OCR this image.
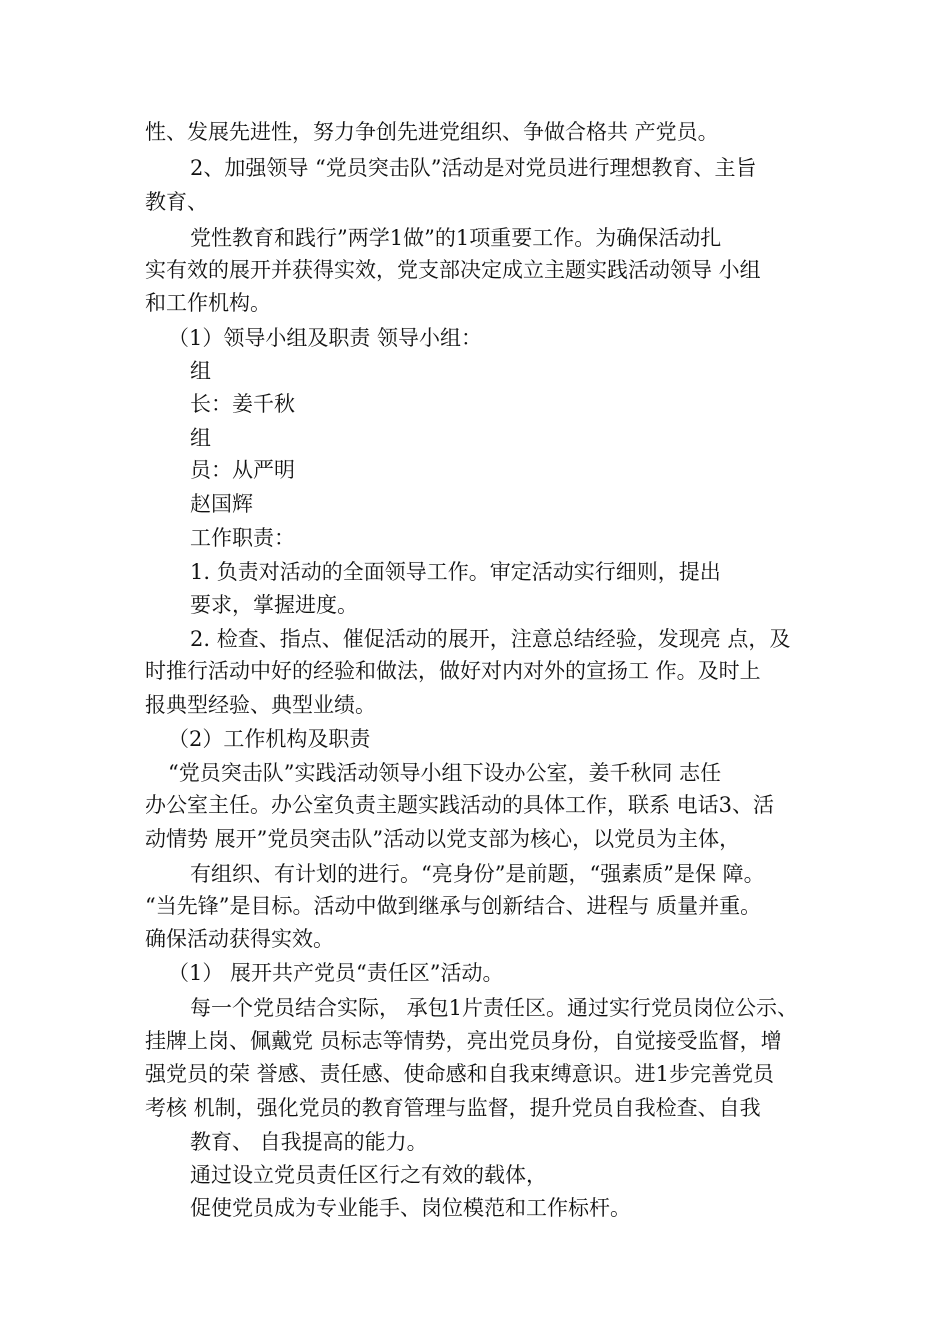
性、发展先进性，努力争创先进党组织、争做合格共 产党员。
2、加强领导 “党员突击队”活动是对党员进行理想教育、主旨
教育、
党性教育和践行”两学1做”的1项重要工作。为确保活动扎
实有效的展开并获得实效，党支部决定成立主题实践活动领导 小组
和工作机构。
（1）领导小组及职责 领导小组：
组
长：姜千秋
组
员：从严明
赵国辉
工作职责：
1. 负责对活动的全面领导工作。审定活动实行细则，提出
要求，掌握进度。
2. 检查、指点、催促活动的展开，注意总结经验，发现亮 点，及
时推行活动中好的经验和做法，做好对内对外的宣扬工 作。及时上
报典型经验、典型业绩。
（2）工作机构及职责
“党员突击队”实践活动领导小组下设办公室，姜千秋同 志任
办公室主任。办公室负责主题实践活动的具体工作，联系 电话3、活
动情势 展开”党员突击队”活动以党支部为核心，以党员为主体，
有组织、有计划的进行。“亮身份”是前题，“强素质”是保 障。
“当先锋”是目标。活动中做到继承与创新结合、进程与 质量并重。
确保活动获得实效。
（1） 展开共产党员“责任区”活动。
每一个党员结合实际， 承包1片责任区。通过实行党员岗位公示、
挂牌上岗、佩戴党 员标志等情势，亮出党员身份，自觉接受监督，增
强党员的荣 誉感、责任感、使命感和自我束缚意识。进1步完善党员
考核 机制，强化党员的教育管理与监督，提升党员自我检查、自我
教育、 自我提高的能力。
通过设立党员责任区行之有效的载体，
促使党员成为专业能手、岗位模范和工作标杆。
